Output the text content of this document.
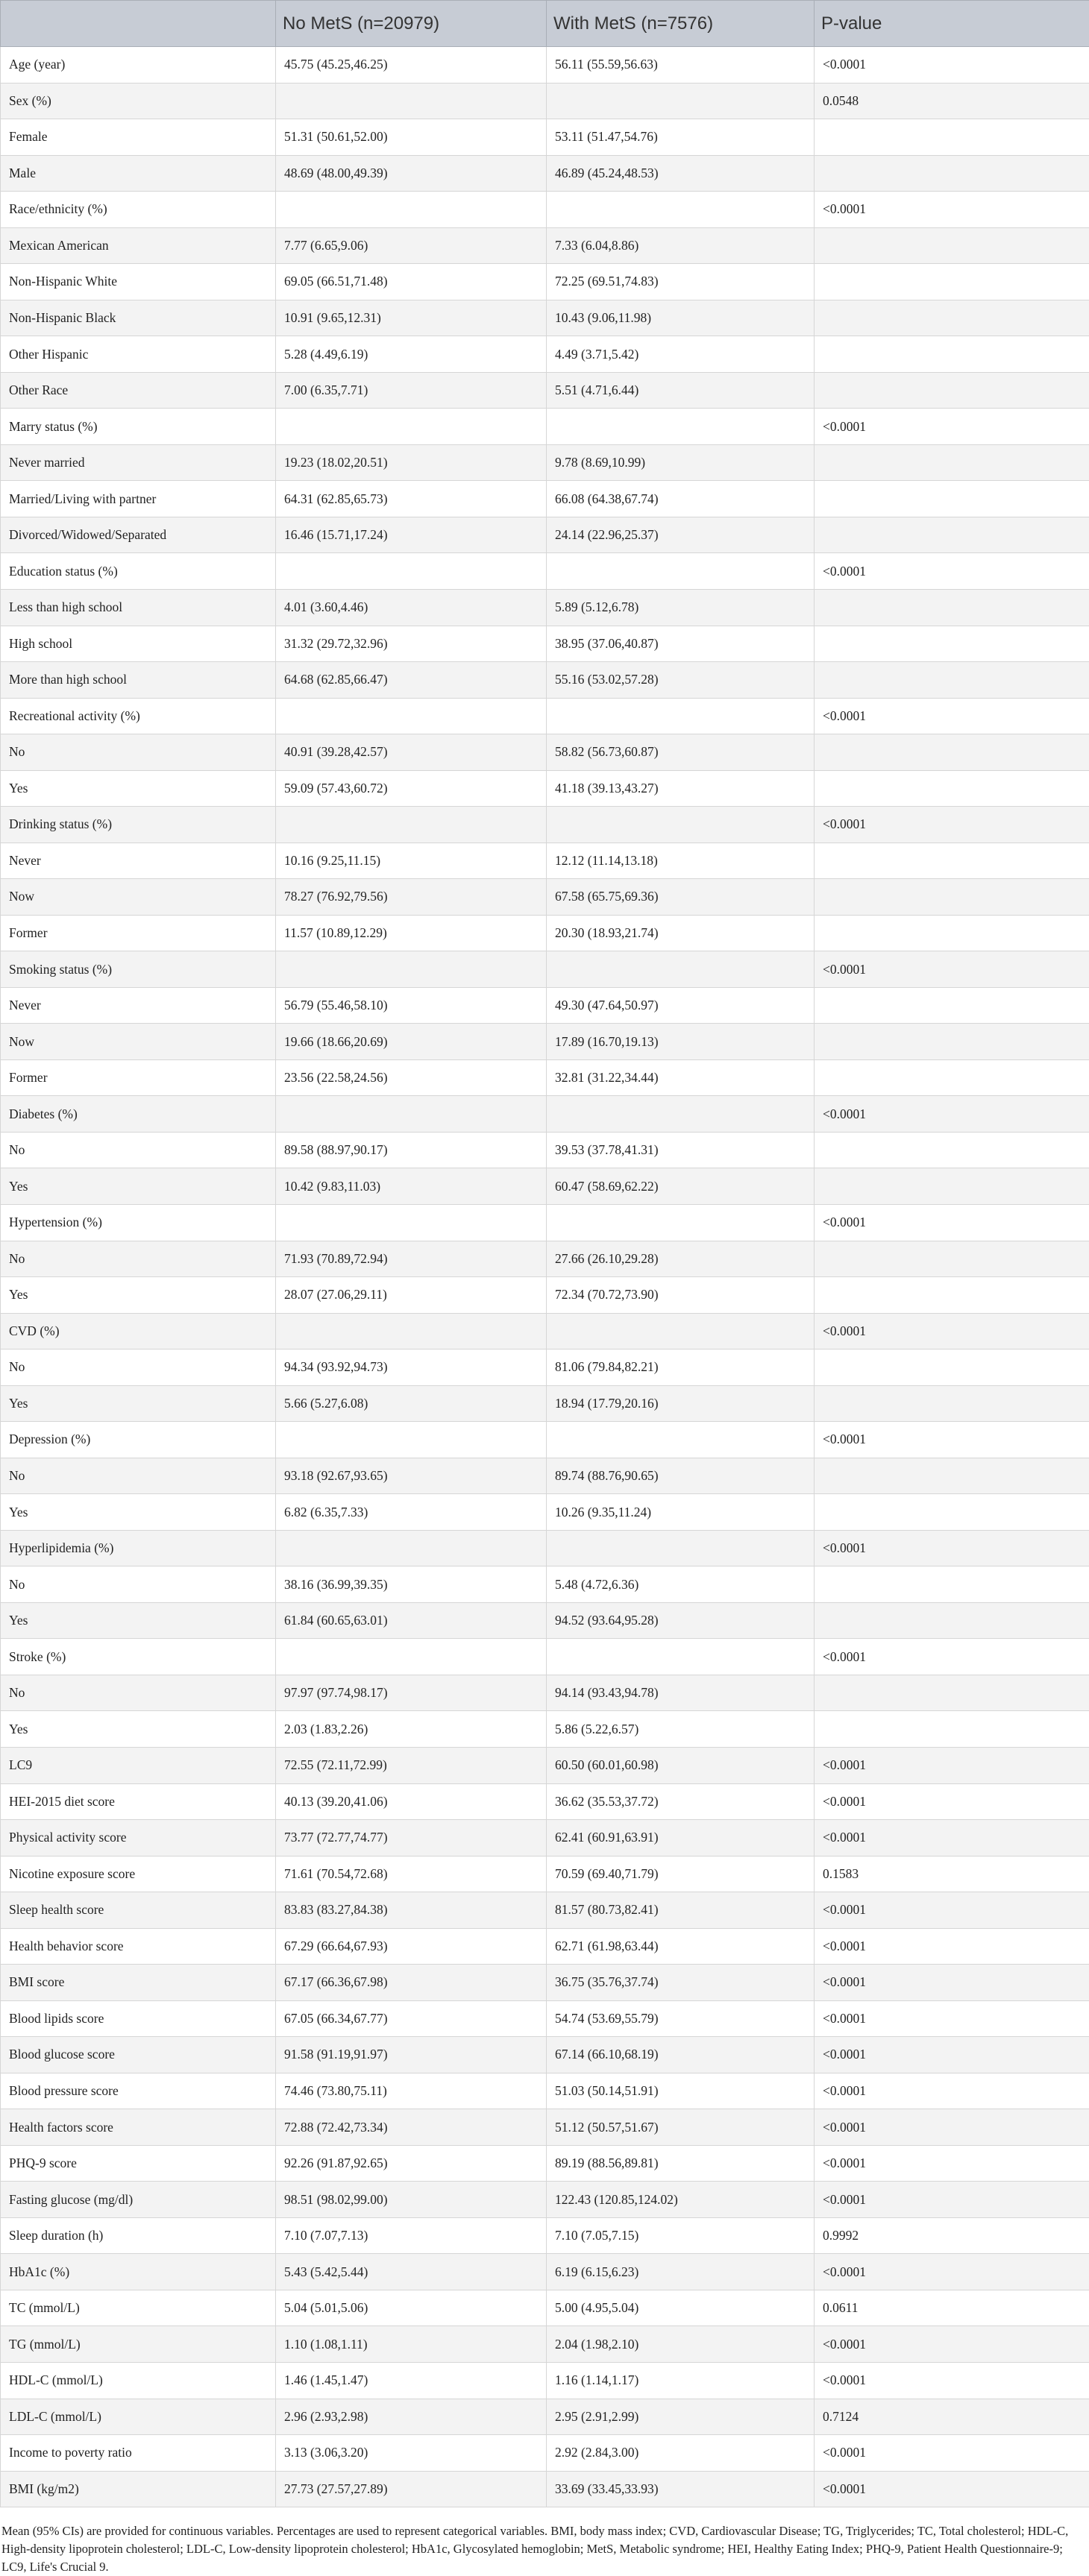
	No MetS (n=20979)	With MetS (n=7576)	P-value
Age (year)	45.75 (45.25,46.25)	56.11 (55.59,56.63)	<0.0001
Sex (%)			0.0548
Female	51.31 (50.61,52.00)	53.11 (51.47,54.76)	
Male	48.69 (48.00,49.39)	46.89 (45.24,48.53)	
Race/ethnicity (%)			<0.0001
Mexican American	7.77 (6.65,9.06)	7.33 (6.04,8.86)	
Non-Hispanic White	69.05 (66.51,71.48)	72.25 (69.51,74.83)	
Non-Hispanic Black	10.91 (9.65,12.31)	10.43 (9.06,11.98)	
Other Hispanic	5.28 (4.49,6.19)	4.49 (3.71,5.42)	
Other Race	7.00 (6.35,7.71)	5.51 (4.71,6.44)	
Marry status (%)			<0.0001
Never married	19.23 (18.02,20.51)	9.78 (8.69,10.99)	
Married/Living with partner	64.31 (62.85,65.73)	66.08 (64.38,67.74)	
Divorced/Widowed/Separated	16.46 (15.71,17.24)	24.14 (22.96,25.37)	
Education status (%)			<0.0001
Less than high school	4.01 (3.60,4.46)	5.89 (5.12,6.78)	
High school	31.32 (29.72,32.96)	38.95 (37.06,40.87)	
More than high school	64.68 (62.85,66.47)	55.16 (53.02,57.28)	
Recreational activity (%)			<0.0001
No	40.91 (39.28,42.57)	58.82 (56.73,60.87)	
Yes	59.09 (57.43,60.72)	41.18 (39.13,43.27)	
Drinking status (%)			<0.0001
Never	10.16 (9.25,11.15)	12.12 (11.14,13.18)	
Now	78.27 (76.92,79.56)	67.58 (65.75,69.36)	
Former	11.57 (10.89,12.29)	20.30 (18.93,21.74)	
Smoking status (%)			<0.0001
Never	56.79 (55.46,58.10)	49.30 (47.64,50.97)	
Now	19.66 (18.66,20.69)	17.89 (16.70,19.13)	
Former	23.56 (22.58,24.56)	32.81 (31.22,34.44)	
Diabetes (%)			<0.0001
No	89.58 (88.97,90.17)	39.53 (37.78,41.31)	
Yes	10.42 (9.83,11.03)	60.47 (58.69,62.22)	
Hypertension (%)			<0.0001
No	71.93 (70.89,72.94)	27.66 (26.10,29.28)	
Yes	28.07 (27.06,29.11)	72.34 (70.72,73.90)	
CVD (%)			<0.0001
No	94.34 (93.92,94.73)	81.06 (79.84,82.21)	
Yes	5.66 (5.27,6.08)	18.94 (17.79,20.16)	
Depression (%)			<0.0001
No	93.18 (92.67,93.65)	89.74 (88.76,90.65)	
Yes	6.82 (6.35,7.33)	10.26 (9.35,11.24)	
Hyperlipidemia (%)			<0.0001
No	38.16 (36.99,39.35)	5.48 (4.72,6.36)	
Yes	61.84 (60.65,63.01)	94.52 (93.64,95.28)	
Stroke (%)			<0.0001
No	97.97 (97.74,98.17)	94.14 (93.43,94.78)	
Yes	2.03 (1.83,2.26)	5.86 (5.22,6.57)	
LC9	72.55 (72.11,72.99)	60.50 (60.01,60.98)	<0.0001
HEI-2015 diet score	40.13 (39.20,41.06)	36.62 (35.53,37.72)	<0.0001
Physical activity score	73.77 (72.77,74.77)	62.41 (60.91,63.91)	<0.0001
Nicotine exposure score	71.61 (70.54,72.68)	70.59 (69.40,71.79)	0.1583
Sleep health score	83.83 (83.27,84.38)	81.57 (80.73,82.41)	<0.0001
Health behavior score	67.29 (66.64,67.93)	62.71 (61.98,63.44)	<0.0001
BMI score	67.17 (66.36,67.98)	36.75 (35.76,37.74)	<0.0001
Blood lipids score	67.05 (66.34,67.77)	54.74 (53.69,55.79)	<0.0001
Blood glucose score	91.58 (91.19,91.97)	67.14 (66.10,68.19)	<0.0001
Blood pressure score	74.46 (73.80,75.11)	51.03 (50.14,51.91)	<0.0001
Health factors score	72.88 (72.42,73.34)	51.12 (50.57,51.67)	<0.0001
PHQ-9 score	92.26 (91.87,92.65)	89.19 (88.56,89.81)	<0.0001
Fasting glucose (mg/dl)	98.51 (98.02,99.00)	122.43 (120.85,124.02)	<0.0001
Sleep duration (h)	7.10 (7.07,7.13)	7.10 (7.05,7.15)	0.9992
HbA1c (%)	5.43 (5.42,5.44)	6.19 (6.15,6.23)	<0.0001
TC (mmol/L)	5.04 (5.01,5.06)	5.00 (4.95,5.04)	0.0611
TG (mmol/L)	1.10 (1.08,1.11)	2.04 (1.98,2.10)	<0.0001
HDL-C (mmol/L)	1.46 (1.45,1.47)	1.16 (1.14,1.17)	<0.0001
LDL-C (mmol/L)	2.96 (2.93,2.98)	2.95 (2.91,2.99)	0.7124
Income to poverty ratio	3.13 (3.06,3.20)	2.92 (2.84,3.00)	<0.0001
BMI (kg/m2)	27.73 (27.57,27.89)	33.69 (33.45,33.93)	<0.0001
Mean (95% CIs) are provided for continuous variables. Percentages are used to represent categorical variables. BMI, body mass index; CVD, Cardiovascular Disease; TG, Triglycerides; TC, Total cholesterol; HDL-C, High-density lipoprotein cholesterol; LDL-C, Low-density lipoprotein cholesterol; HbA1c, Glycosylated hemoglobin; MetS, Metabolic syndrome; HEI, Healthy Eating Index; PHQ-9, Patient Health Questionnaire-9; LC9, Life's Crucial 9.
